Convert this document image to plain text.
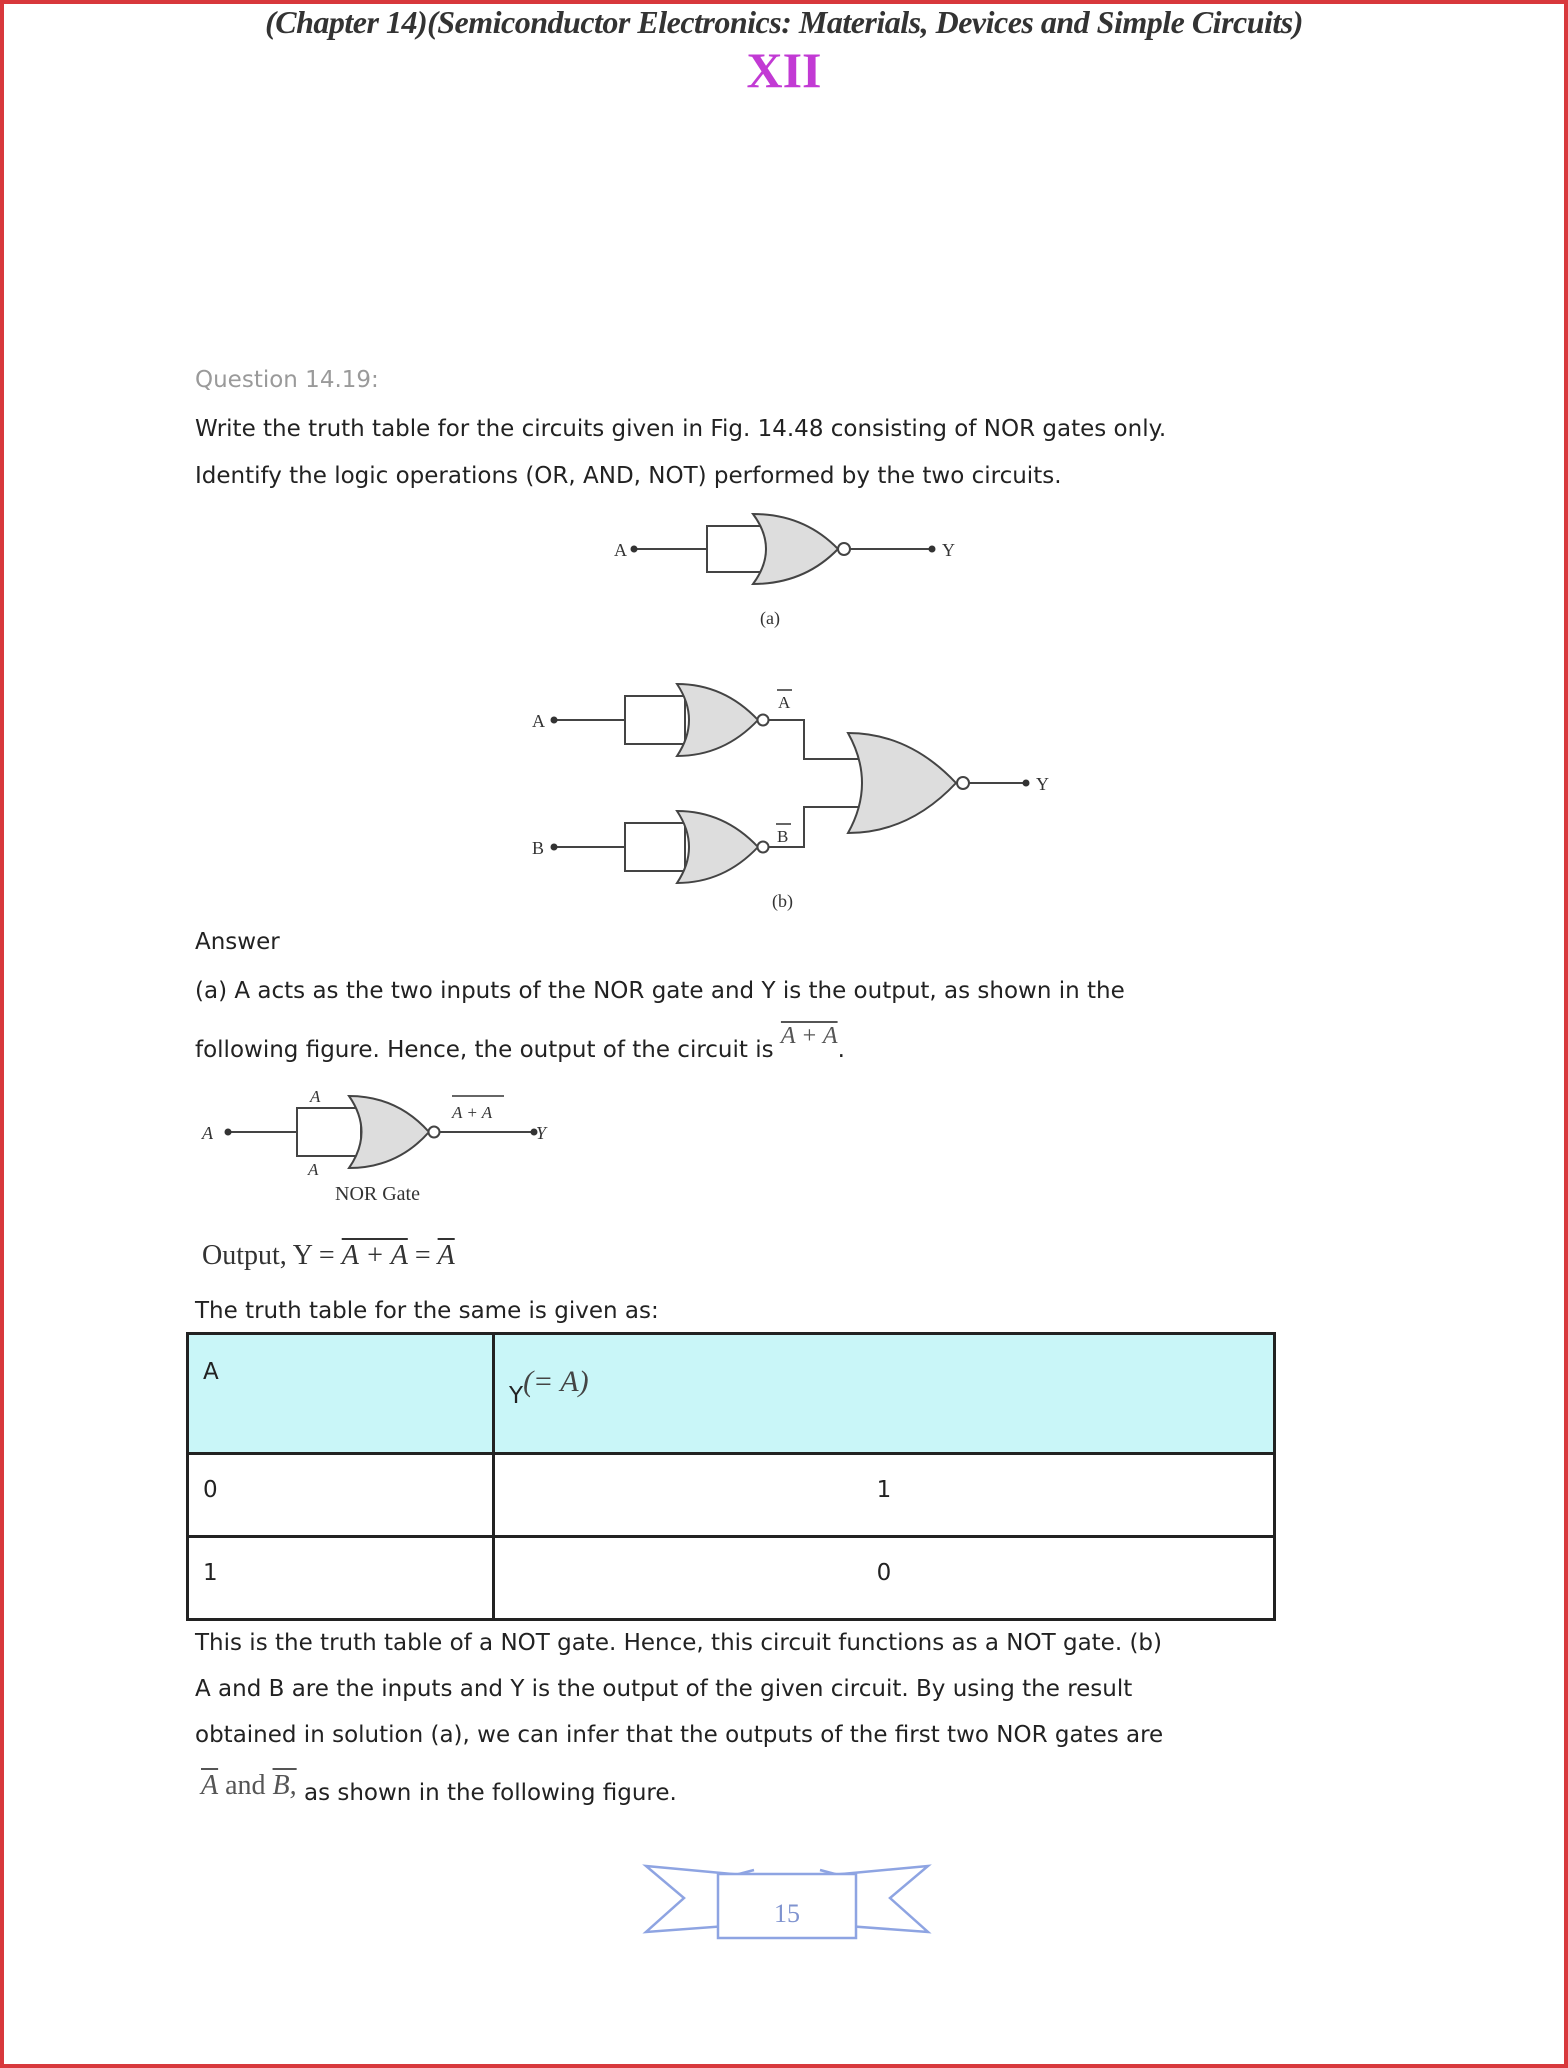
(Chapter 14)(Semiconductor Electronics: Materials, Devices and Simple Circuits)
XII
Question 14.19:
Write the truth table for the circuits given in Fig. 14.48 consisting of NOR gates only.
Identify the logic operations (OR, AND, NOT) performed by the two circuits.
A	Y
(a)
A
B
A
B
Y
(b)
A
A
A
A + A
Y
NOR Gate
15
Answer
(a) A acts as the two inputs of the NOR gate and Y is the output, as shown in the
following figure. Hence, the output of the circuit is A + A.
Output, $Y = A + A = \overline{A}$
The truth table for the same is given as:
A	Y(= A)

0	1

1	0
This is the truth table of a NOT gate. Hence, this circuit functions as a NOT gate. (b)
A and B are the inputs and Y is the output of the given circuit. By using the result
obtained in solution (a), we can infer that the outputs of the first two NOR gates are
$\overline{A}$ and B, as shown in the following figure.
